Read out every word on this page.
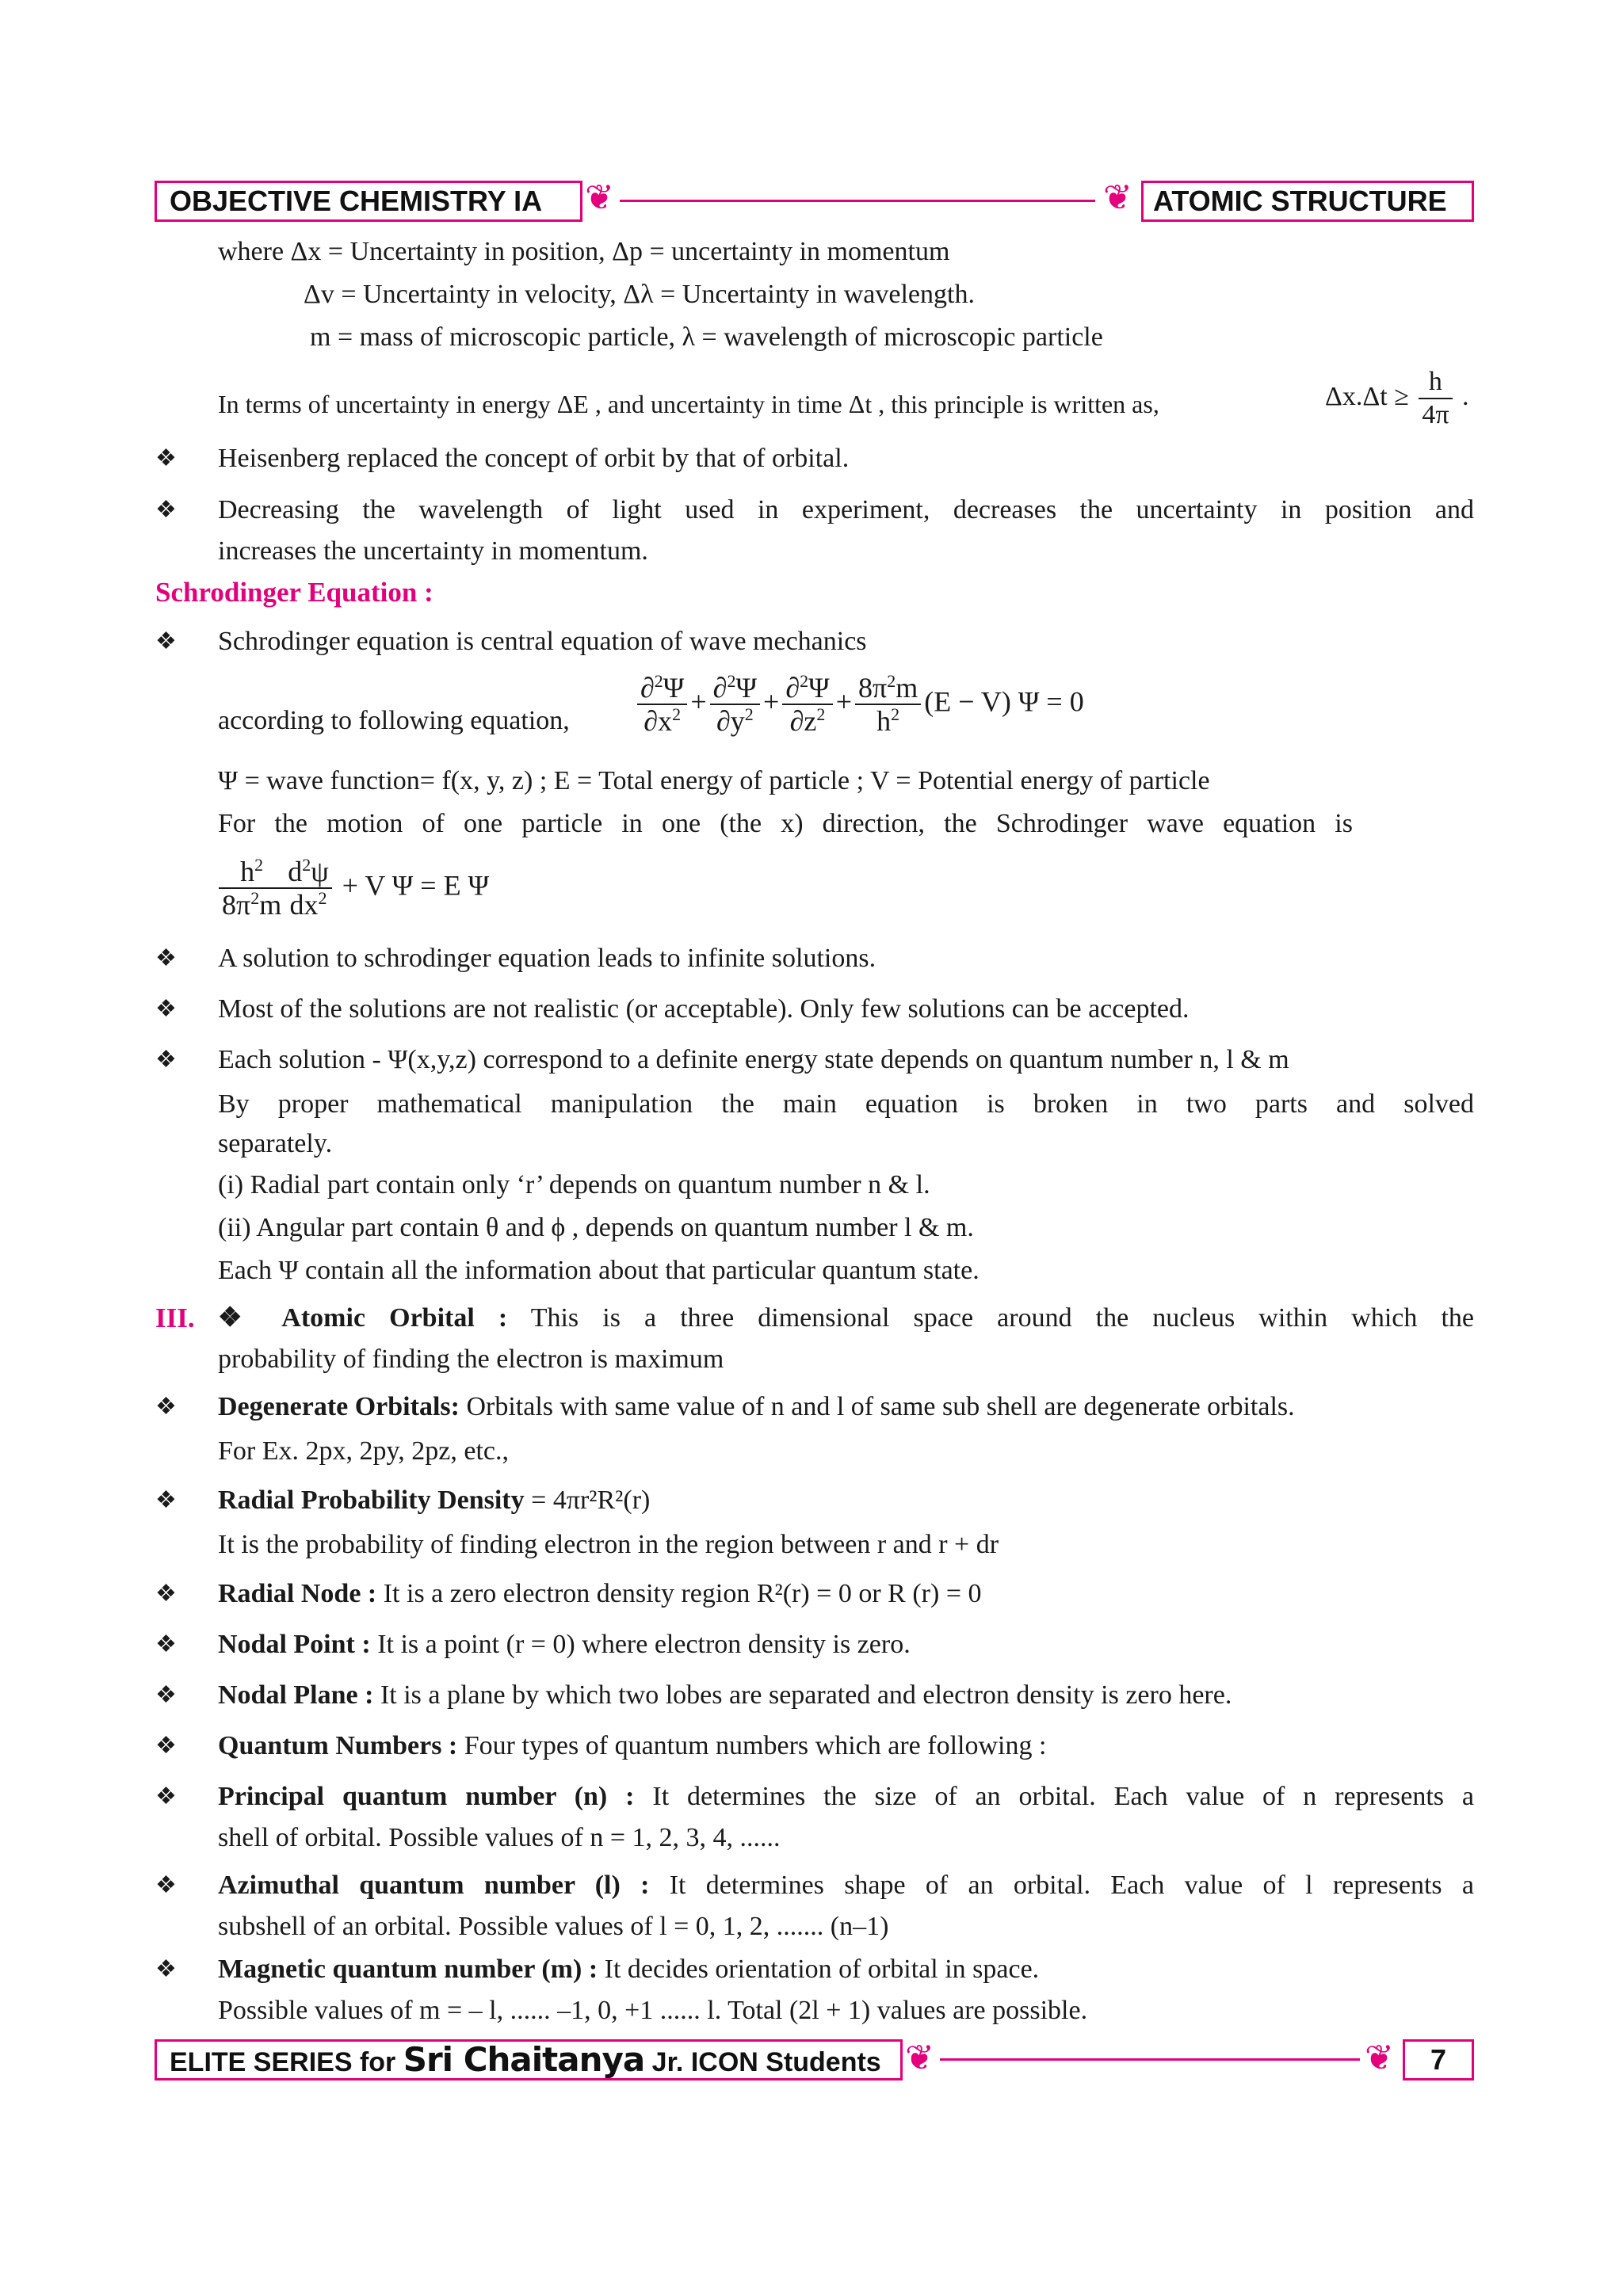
OBJECTIVE CHEMISTRY IA	❦	❦ ATOMIC STRUCTURE
where Δx = Uncertainty in position, Δp = uncertainty in momentum
Δv = Uncertainty in velocity, Δλ = Uncertainty in wavelength.
m = mass of microscopic particle, λ = wavelength of microscopic particle
In terms of uncertainty in energy ΔE , and uncertainty in time Δt , this principle is written as,	$\Delta x.\Delta t \ge \frac{h}{4\pi}$ .
❖ Heisenberg replaced the concept of orbit by that of orbital.
❖ Decreasing the wavelength of light used in experiment, decreases the uncertainty in position and
increases the uncertainty in momentum.
Schrodinger Equation :
❖ Schrodinger equation is central equation of wave mechanics
according to following equation, $\frac{\partial^2\Psi}{\partial x^2} + \frac{\partial^2\Psi}{\partial y^2} + \frac{\partial^2\Psi}{\partial z^2} + \frac{8\pi^2m}{h^2} (E - V) \Psi = 0$
Ψ = wave function= f(x, y, z) ; E = Total energy of particle ; V = Potential energy of particle
For the motion of one particle in one (the x) direction, the Schrodinger wave equation is
$\frac{h^2}{8\pi^2m} \frac{d^2\psi}{dx^2} + V$ Ψ = E Ψ
❖ A solution to schrodinger equation leads to infinite solutions.
❖ Most of the solutions are not realistic (or acceptable). Only few solutions can be accepted.
❖ Each solution - Ψ(x,y,z) correspond to a definite energy state depends on quantum number n, l & m
By proper mathematical manipulation the main equation is broken in two parts and solved
separately.
(i) Radial part contain only ‘r’ depends on quantum number n & l.
(ii) Angular part contain θ and ϕ , depends on quantum number l & m.
Each Ψ contain all the information about that particular quantum state.
III. ❖ Atomic Orbital : This is a three dimensional space around the nucleus within which the
probability of finding the electron is maximum
❖ Degenerate Orbitals: Orbitals with same value of n and l of same sub shell are degenerate orbitals.
For Ex. 2px, 2py, 2pz, etc.,
❖ Radial Probability Density = 4πr²R²(r)
It is the probability of finding electron in the region between r and r + dr
❖ Radial Node : It is a zero electron density region R²(r) = 0 or R (r) = 0
❖ Nodal Point : It is a point (r = 0) where electron density is zero.
❖ Nodal Plane : It is a plane by which two lobes are separated and electron density is zero here.
❖ Quantum Numbers : Four types of quantum numbers which are following :
❖ Principal quantum number (n) : It determines the size of an orbital. Each value of n represents a
shell of orbital. Possible values of n = 1, 2, 3, 4, ......
❖ Azimuthal quantum number (l) : It determines shape of an orbital. Each value of l represents a
subshell of an orbital. Possible values of l = 0, 1, 2, ....... (n–1)
❖ Magnetic quantum number (m) : It decides orientation of orbital in space.
Possible values of m = – l, ...... –1, 0, +1 ...... l. Total (2l + 1) values are possible.
ELITE SERIES for Sri Chaitanya Jr. ICON Students ❦	❦	7
